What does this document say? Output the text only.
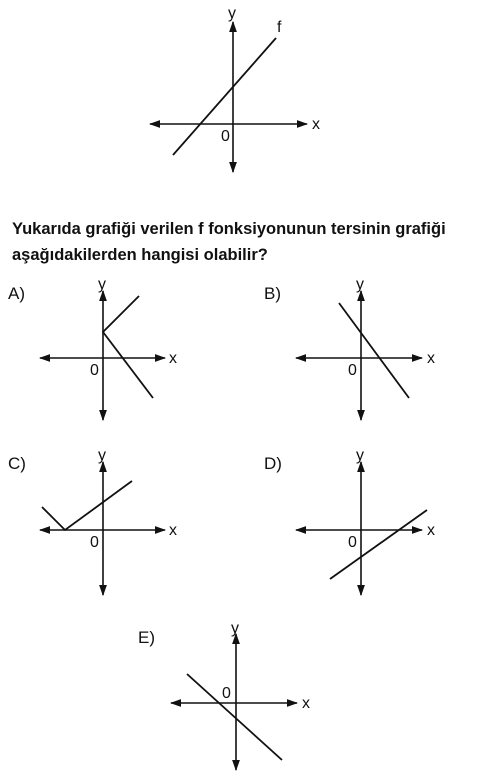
y
x
0
f
A)	y
x
0
B)	y
x
0
C)	y
x
0
D)	y
x
0
E)	y
x
0

Yukarıda grafiği verilen f fonksiyonunun tersinin grafiği aşağıdakilerden hangisi olabilir?
